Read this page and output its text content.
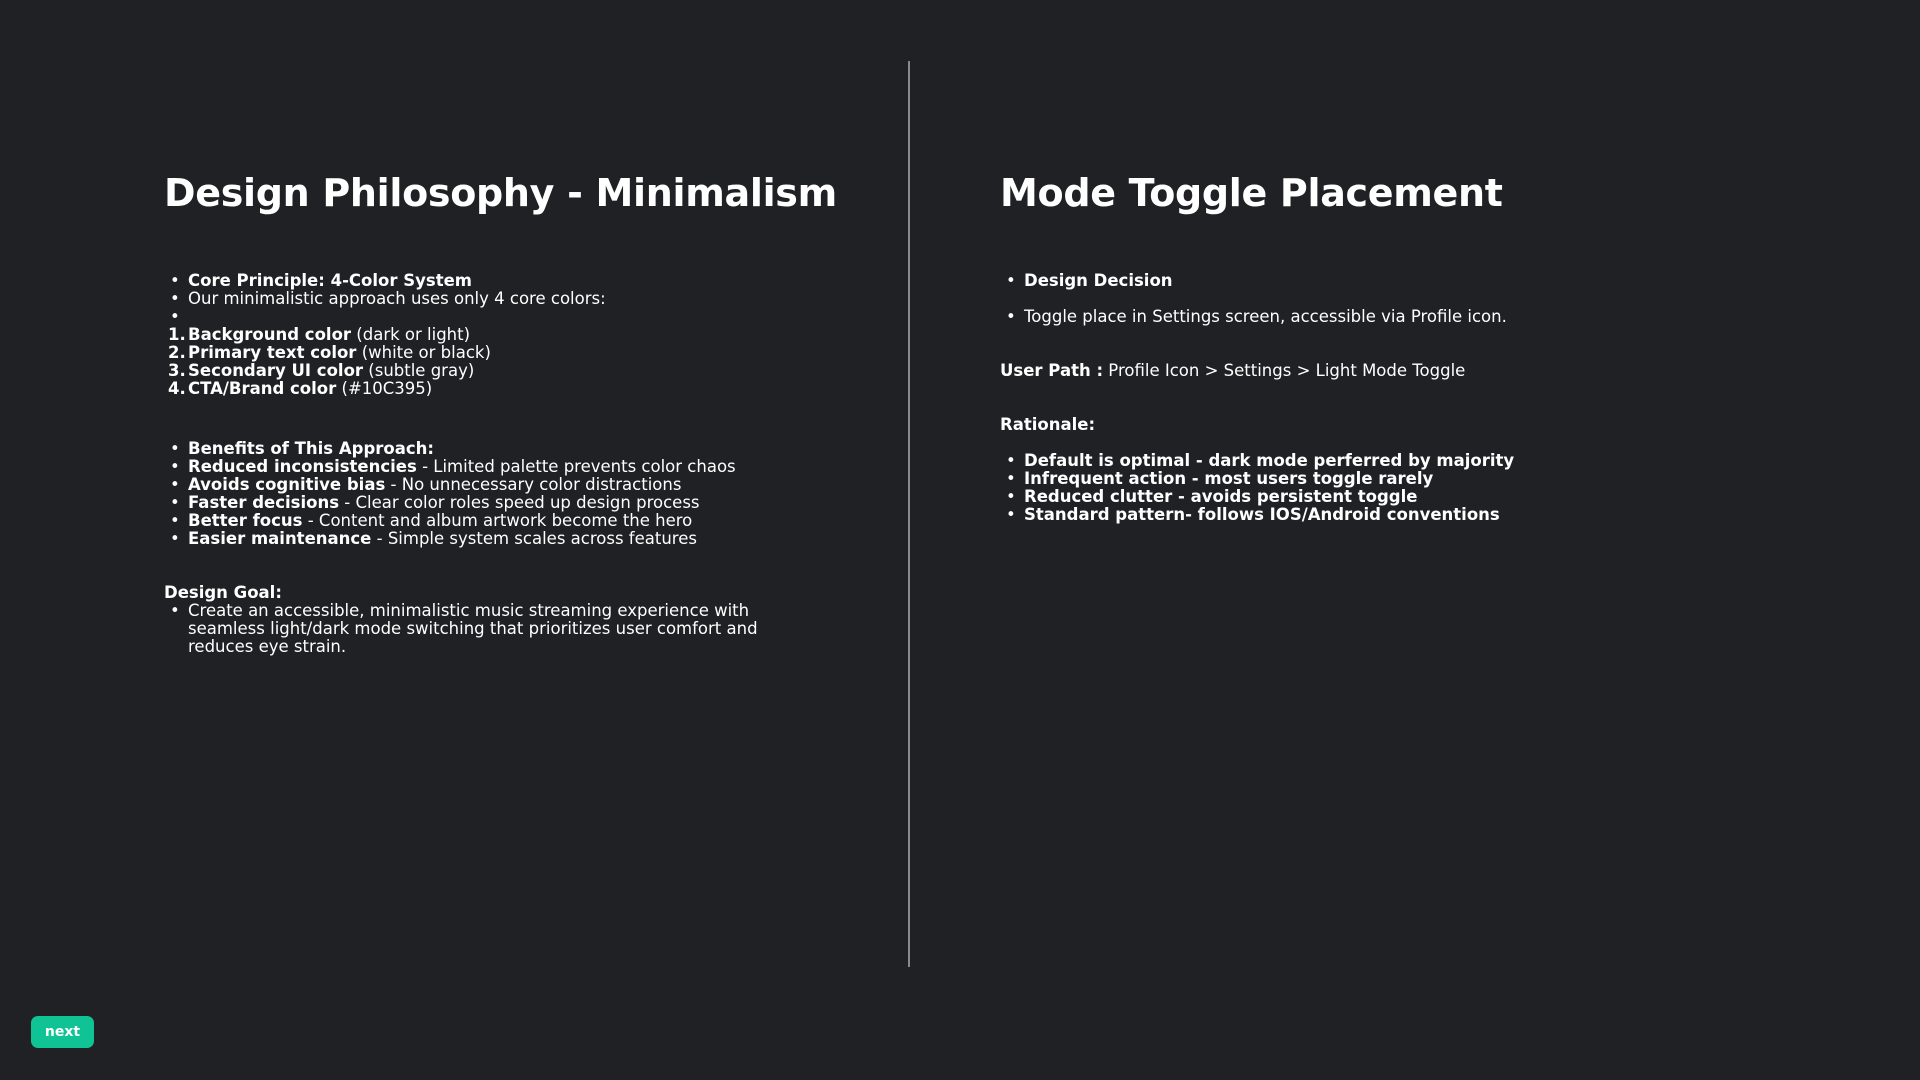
Design Philosophy - Minimalism
• Core Principle: 4-Color System
• Our minimalistic approach uses only 4 core colors:
•
1. Background color (dark or light)
2. Primary text color (white or black)
3. Secondary UI color (subtle gray)
4. CTA/Brand color (#10C395)
• Benefits of This Approach:
• Reduced inconsistencies - Limited palette prevents color chaos
• Avoids cognitive bias - No unnecessary color distractions
• Faster decisions - Clear color roles speed up design process
• Better focus - Content and album artwork become the hero
• Easier maintenance - Simple system scales across features
Design Goal:
• Create an accessible, minimalistic music streaming experience with seamless light/dark mode switching that prioritizes user comfort and reduces eye strain.
Mode Toggle Placement
• Design Decision
• Toggle place in Settings screen, accessible via Profile icon.
User Path : Profile Icon > Settings > Light Mode Toggle
Rationale:
• Default is optimal - dark mode perferred by majority
• Infrequent action - most users toggle rarely
• Reduced clutter - avoids persistent toggle
• Standard pattern- follows IOS/Android conventions
next
